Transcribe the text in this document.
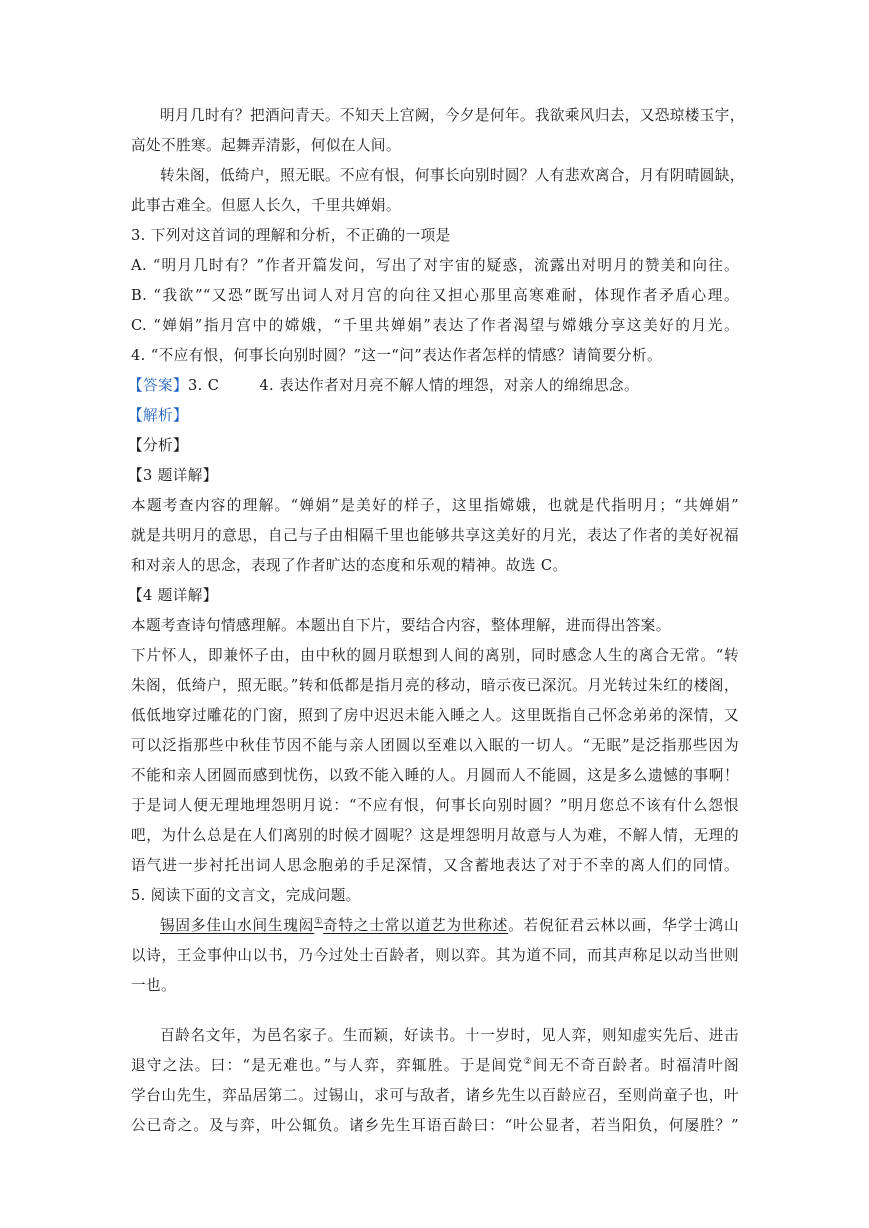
明月几时有？把酒问青天。不知天上宫阙，今夕是何年。我欲乘风归去，又恐琼楼玉宇，
高处不胜寒。起舞弄清影，何似在人间。
转朱阁，低绮户，照无眠。不应有恨，何事长向别时圆？人有悲欢离合，月有阴晴圆缺，
此事古难全。但愿人长久，千里共婵娟。
3. 下列对这首词的理解和分析，不正确的一项是
A. “明月几时有？”作者开篇发问，写出了对宇宙的疑惑，流露出对明月的赞美和向往。
B. “我欲”“又恐”既写出词人对月宫的向往又担心那里高寒难耐，体现作者矛盾心理。
C. “婵娟”指月宫中的嫦娥，“千里共婵娟”表达了作者渴望与嫦娥分享这美好的月光。
4. “不应有恨，何事长向别时圆？”这一“问”表达作者怎样的情感？请简要分析。
【答案】3. C	4. 表达作者对月亮不解人情的埋怨，对亲人的绵绵思念。
【解析】
【分析】
【3 题详解】
本题考查内容的理解。“婵娟”是美好的样子，这里指嫦娥，也就是代指明月；“共婵娟”
就是共明月的意思，自己与子由相隔千里也能够共享这美好的月光，表达了作者的美好祝福
和对亲人的思念，表现了作者旷达的态度和乐观的精神。故选 C。
【4 题详解】
本题考查诗句情感理解。本题出自下片，要结合内容，整体理解，进而得出答案。
下片怀人，即兼怀子由，由中秋的圆月联想到人间的离别，同时感念人生的离合无常。“转
朱阁，低绮户，照无眠。”转和低都是指月亮的移动，暗示夜已深沉。月光转过朱红的楼阁，
低低地穿过雕花的门窗，照到了房中迟迟未能入睡之人。这里既指自己怀念弟弟的深情，又
可以泛指那些中秋佳节因不能与亲人团圆以至难以入眠的一切人。“无眠”是泛指那些因为
不能和亲人团圆而感到忧伤，以致不能入睡的人。月圆而人不能圆，这是多么遗憾的事啊！
于是词人便无理地埋怨明月说：“不应有恨，何事长向别时圆？”明月您总不该有什么怨恨
吧，为什么总是在人们离别的时候才圆呢？这是埋怨明月故意与人为难，不解人情，无理的
语气进一步衬托出词人思念胞弟的手足深情，又含蓄地表达了对于不幸的离人们的同情。
5. 阅读下面的文言文，完成问题。
锡固多佳山水间生瑰闳①奇特之士常以道艺为世称述。若倪征君云林以画，华学士鸿山
以诗，王佥事仲山以书，乃今过处士百龄者，则以弈。其为道不同，而其声称足以动当世则
一也。
百龄名文年，为邑名家子。生而颖，好读书。十一岁时，见人弈，则知虚实先后、进击
退守之法。曰：“是无难也。”与人弈，弈辄胜。于是闾党②间无不奇百龄者。时福清叶阁
学台山先生，弈品居第二。过锡山，求可与敌者，诸乡先生以百龄应召，至则尚童子也，叶
公已奇之。及与弈，叶公辄负。诸乡先生耳语百龄曰：“叶公显者，若当阳负，何屡胜？”
